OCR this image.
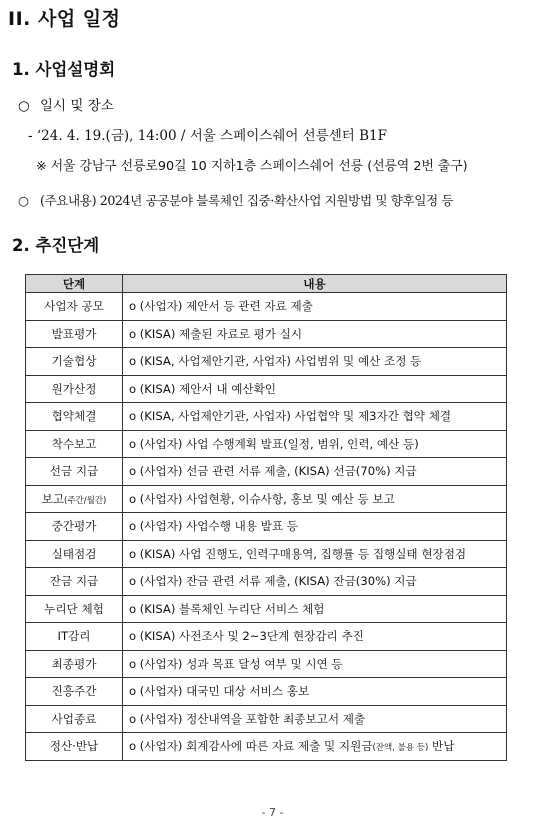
II. 사업 일정
1. 사업설명회
○ 일시 및 장소
- ‘24. 4. 19.(금), 14:00 / 서울 스페이스쉐어 선릉센터 B1F
※ 서울 강남구 선릉로90길 10 지하1층 스페이스쉐어 선릉 (선릉역 2번 출구)
○ (주요내용) 2024년 공공분야 블록체인 집중·확산사업 지원방법 및 향후일정 등
2. 추진단계
단계	내용
사업자 공모	o (사업자) 제안서 등 관련 자료 제출
발표평가	o (KISA) 제출된 자료로 평가 실시
기술협상	o (KISA, 사업제안기관, 사업자) 사업범위 및 예산 조정 등
원가산정	o (KISA) 제안서 내 예산확인
협약체결	o (KISA, 사업제안기관, 사업자) 사업협약 및 제3자간 협약 체결
착수보고	o (사업자) 사업 수행계획 발표(일정, 범위, 인력, 예산 등)
선금 지급	o (사업자) 선금 관련 서류 제출, (KISA) 선금(70%) 지급
보고(주간/월간)	o (사업자) 사업현황, 이슈사항, 홍보 및 예산 등 보고
중간평가	o (사업자) 사업수행 내용 발표 등
실태점검	o (KISA) 사업 진행도, 인력구매용역, 집행률 등 집행실태 현장점검
잔금 지급	o (사업자) 잔금 관련 서류 제출, (KISA) 잔금(30%) 지급
누리단 체험	o (KISA) 블록체인 누리단 서비스 체험
IT감리	o (KISA) 사전조사 및 2~3단계 현장감리 추진
최종평가	o (사업자) 성과 목표 달성 여부 및 시연 등
진흥주간	o (사업자) 대국민 대상 서비스 홍보
사업종료	o (사업자) 정산내역을 포함한 최종보고서 제출
정산·반납	o (사업자) 회계감사에 따른 자료 제출 및 지원금(잔액, 불용 등) 반납
- 7 -
